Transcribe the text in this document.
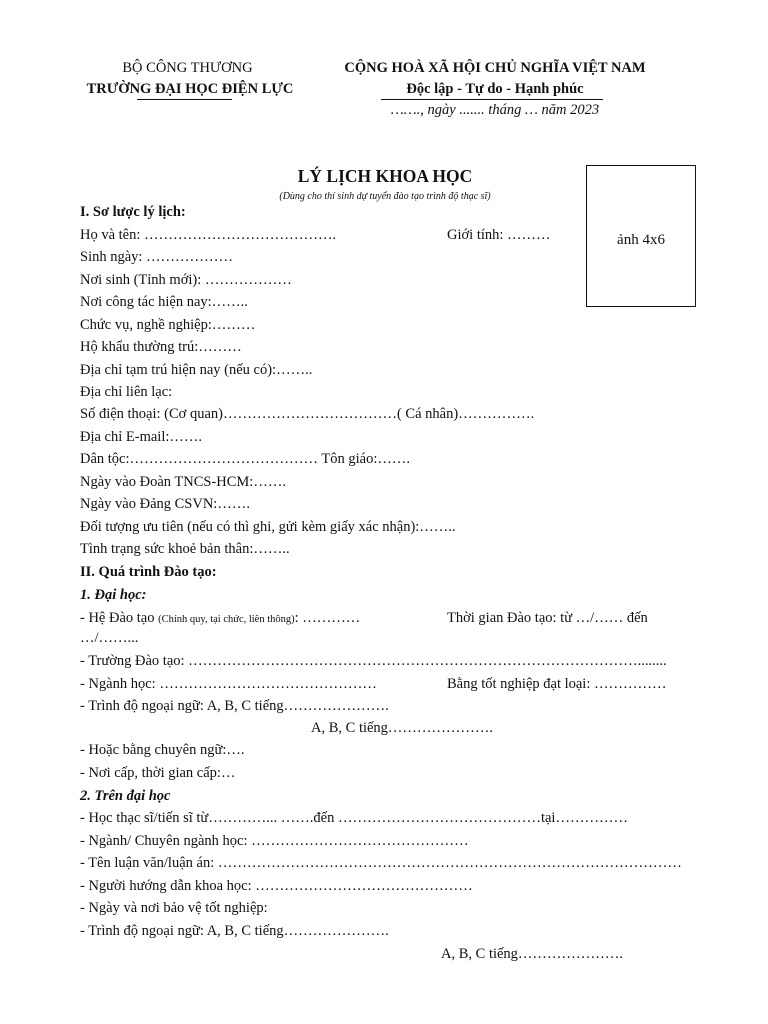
BỘ CÔNG THƯƠNG
TRƯỜNG ĐẠI HỌC ĐIỆN LỰC
CỘNG HOÀ XÃ HỘI CHỦ NGHĨA VIỆT NAM
Độc lập - Tự do - Hạnh phúc
……., ngày ....... tháng … năm 2023
LÝ LỊCH KHOA HỌC
(Dùng cho thí sinh dự tuyển đào tạo trình độ thạc sĩ)
ảnh 4x6
I. Sơ lược lý lịch:
Họ và tên: ………………………………….	Giới tính: ………
Sinh ngày: ………………
Nơi sinh (Tỉnh mới): ………………
Nơi công tác hiện nay:……..
Chức vụ, nghề nghiệp:………
Hộ khẩu thường trú:………
Địa chỉ tạm trú hiện nay (nếu có):……..
Địa chỉ liên lạc:
Số điện thoại: (Cơ quan)………………………………( Cá nhân)…………….
Địa chỉ E-mail:…….
Dân tộc:………………………………… Tôn giáo:…….
Ngày vào Đoàn TNCS-HCM:…….
Ngày vào Đảng CSVN:…….
Đối tượng ưu tiên (nếu có thì ghi, gửi kèm giấy xác nhận):……..
Tình trạng sức khoẻ bản thân:……..
II. Quá trình Đào tạo:
1. Đại học:
- Hệ Đào tạo (Chính quy, tại chức, liên thông): …………	Thời gian Đào tạo: từ …/…… đến
…/……...
- Trường Đào tạo: …………………………………………………………………………………........
- Ngành học: ………………………………………	Bằng tốt nghiệp đạt loại: ……………
- Trình độ ngoại ngữ: A, B, C tiếng………………….
A, B, C tiếng………………….
- Hoặc bằng chuyên ngữ:….
- Nơi cấp, thời gian cấp:…
2. Trên đại học
- Học thạc sĩ/tiến sĩ từ…………... …….đến ……………………………………tại……………
- Ngành/ Chuyên ngành học: ………………………………………
- Tên luận văn/luận án: ……………………………………………………………………………………
- Người hướng dẫn khoa học: ………………………………………
- Ngày và nơi bảo vệ tốt nghiệp:
- Trình độ ngoại ngữ: A, B, C tiếng………………….
A, B, C tiếng………………….
